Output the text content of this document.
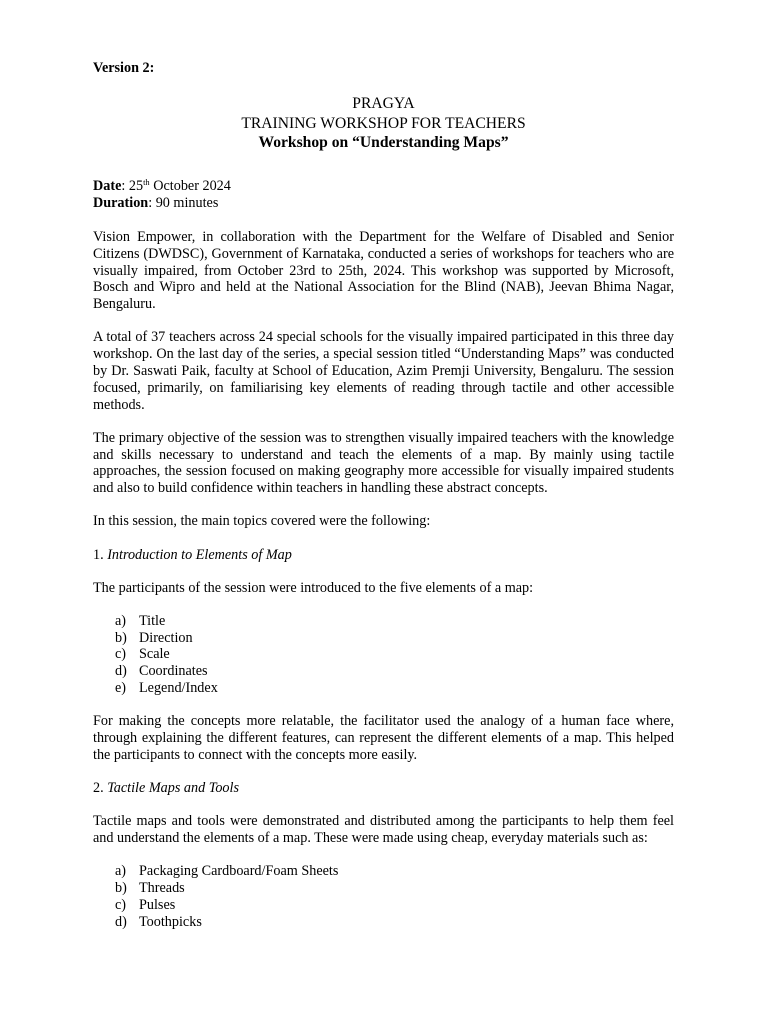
Version 2:

PRAGYA
TRAINING WORKSHOP FOR TEACHERS
Workshop on “Understanding Maps”

Date: 25th October 2024

Duration: 90 minutes

Vision Empower, in collaboration with the Department for the Welfare of Disabled and Senior Citizens (DWDSC), Government of Karnataka, conducted a series of workshops for teachers who are visually impaired, from October 23rd to 25th, 2024. This workshop was supported by Microsoft, Bosch and Wipro and held at the National Association for the Blind (NAB), Jeevan Bhima Nagar, Bengaluru.

A total of 37 teachers across 24 special schools for the visually impaired participated in this three day workshop. On the last day of the series, a special session titled “Understanding Maps” was conducted by Dr. Saswati Paik, faculty at School of Education, Azim Premji University, Bengaluru. The session focused, primarily, on familiarising key elements of reading through tactile and other accessible methods.

The primary objective of the session was to strengthen visually impaired teachers with the knowledge and skills necessary to understand and teach the elements of a map. By mainly using tactile approaches, the session focused on making geography more accessible for visually impaired students and also to build confidence within teachers in handling these abstract concepts.

In this session, the main topics covered were the following:

1. Introduction to Elements of Map

The participants of the session were introduced to the five elements of a map:

a) Title
b) Direction
c) Scale
d) Coordinates
e) Legend/Index

For making the concepts more relatable, the facilitator used the analogy of a human face where, through explaining the different features, can represent the different elements of a map. This helped the participants to connect with the concepts more easily.

2. Tactile Maps and Tools

Tactile maps and tools were demonstrated and distributed among the participants to help them feel and understand the elements of a map. These were made using cheap, everyday materials such as:

a) Packaging Cardboard/Foam Sheets
b) Threads
c) Pulses
d) Toothpicks
